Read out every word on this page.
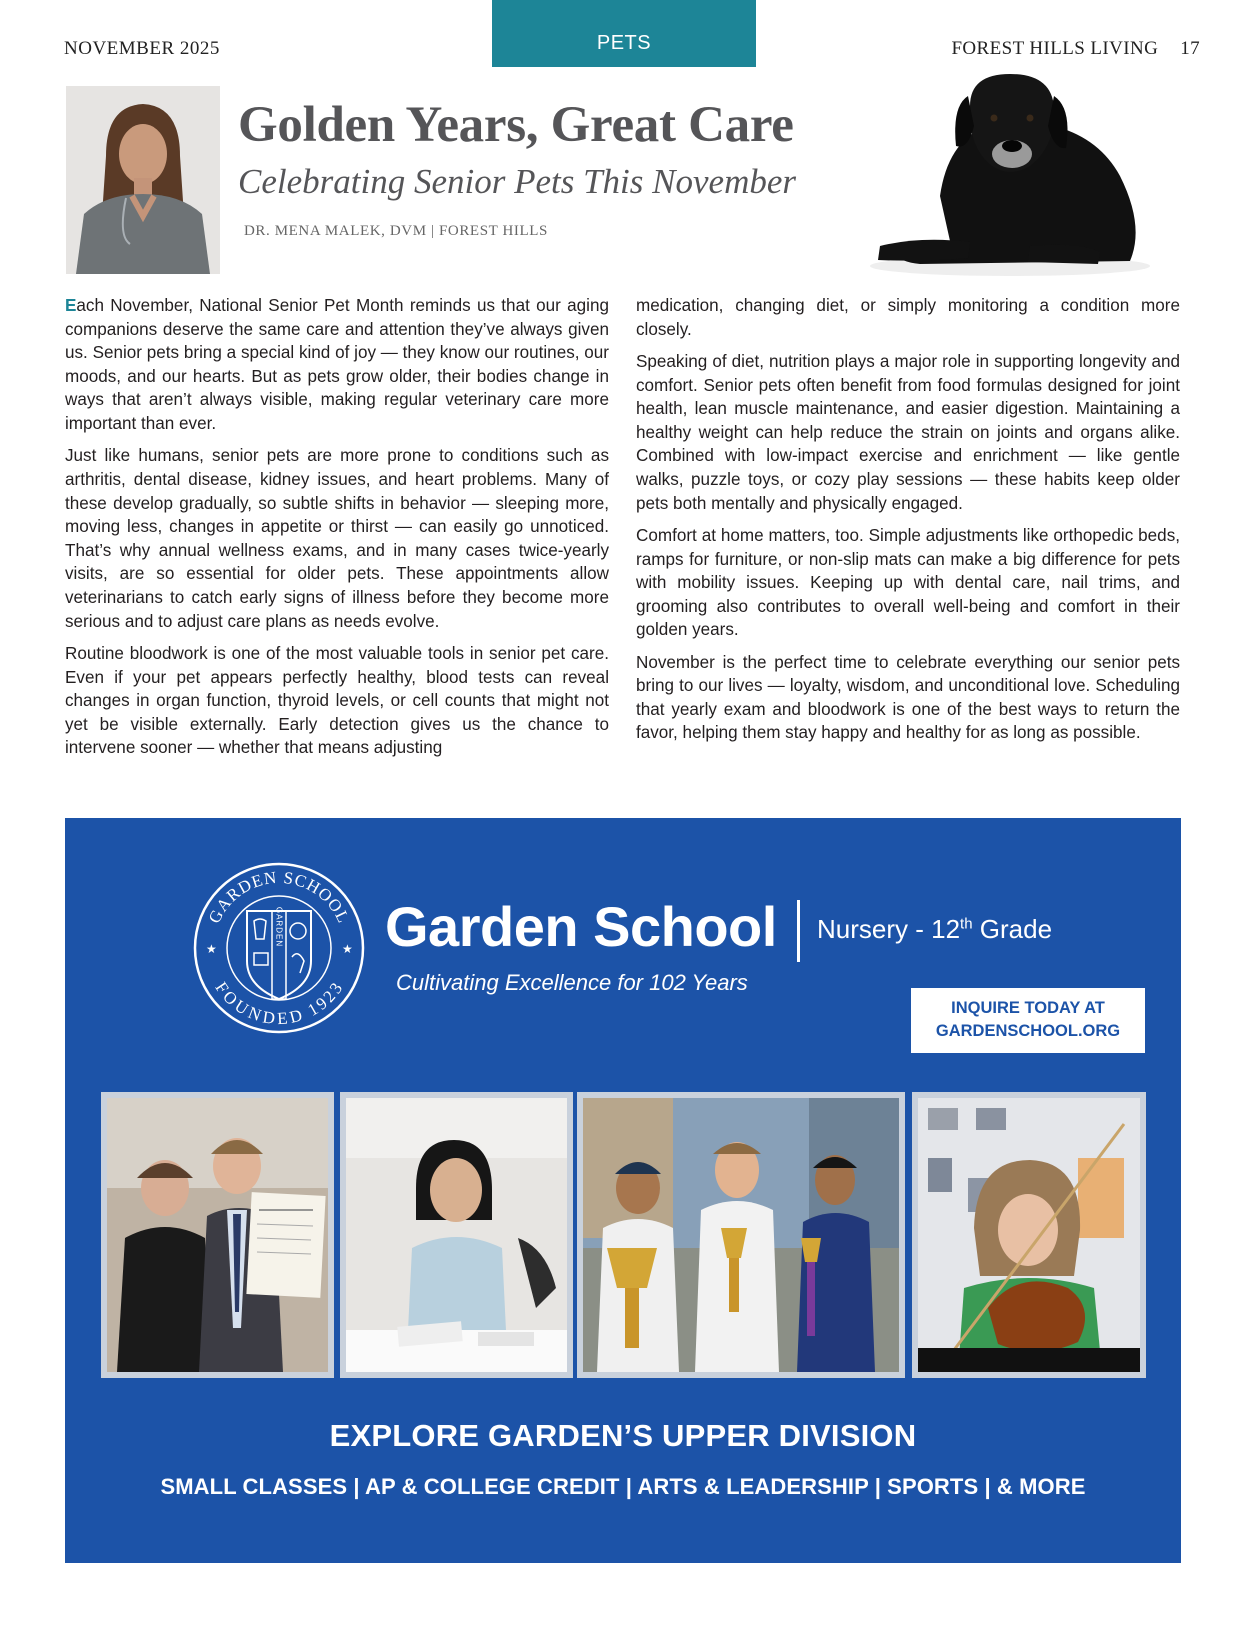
NOVEMBER 2025	PETS	FOREST HILLS LIVING 17
Golden Years, Great Care
Celebrating Senior Pets This November
DR. MENA MALEK, DVM | FOREST HILLS

Each November, National Senior Pet Month reminds us that our aging companions deserve the same care and attention they’ve always given us. Senior pets bring a special kind of joy — they know our routines, our moods, and our hearts. But as pets grow older, their bodies change in ways that aren’t always visible, making regular veterinary care more important than ever.

Just like humans, senior pets are more prone to conditions such as arthritis, dental disease, kidney issues, and heart problems. Many of these develop gradually, so subtle shifts in behavior — sleeping more, moving less, changes in appetite or thirst — can easily go unnoticed. That’s why annual wellness exams, and in many cases twice-yearly visits, are so essential for older pets. These appointments allow veterinarians to catch early signs of illness before they become more serious and to adjust care plans as needs evolve.

Routine bloodwork is one of the most valuable tools in senior pet care. Even if your pet appears perfectly healthy, blood tests can reveal changes in organ function, thyroid levels, or cell counts that might not yet be visible externally. Early detection gives us the chance to intervene sooner — whether that means adjusting

medication, changing diet, or simply monitoring a condition more closely.

Speaking of diet, nutrition plays a major role in supporting longevity and comfort. Senior pets often benefit from food formulas designed for joint health, lean muscle maintenance, and easier digestion. Maintaining a healthy weight can help reduce the strain on joints and organs alike. Combined with low-impact exercise and enrichment — like gentle walks, puzzle toys, or cozy play sessions — these habits keep older pets both mentally and physically engaged.

Comfort at home matters, too. Simple adjustments like orthopedic beds, ramps for furniture, or non-slip mats can make a big difference for pets with mobility issues. Keeping up with dental care, nail trims, and grooming also contributes to overall well-being and comfort in their golden years.

November is the perfect time to celebrate everything our senior pets bring to our lives — loyalty, wisdom, and unconditional love. Scheduling that yearly exam and bloodwork is one of the best ways to return the favor, helping them stay happy and healthy for as long as possible.

GARDEN SCHOOL
FOUNDED 1923
★	★
GARDEN Garden School Nursery - 12th Grade
Cultivating Excellence for 102 Years
INQUIRE TODAY AT
GARDENSCHOOL.ORG
EXPLORE GARDEN’S UPPER DIVISION
SMALL CLASSES | AP & COLLEGE CREDIT | ARTS & LEADERSHIP | SPORTS | & MORE
